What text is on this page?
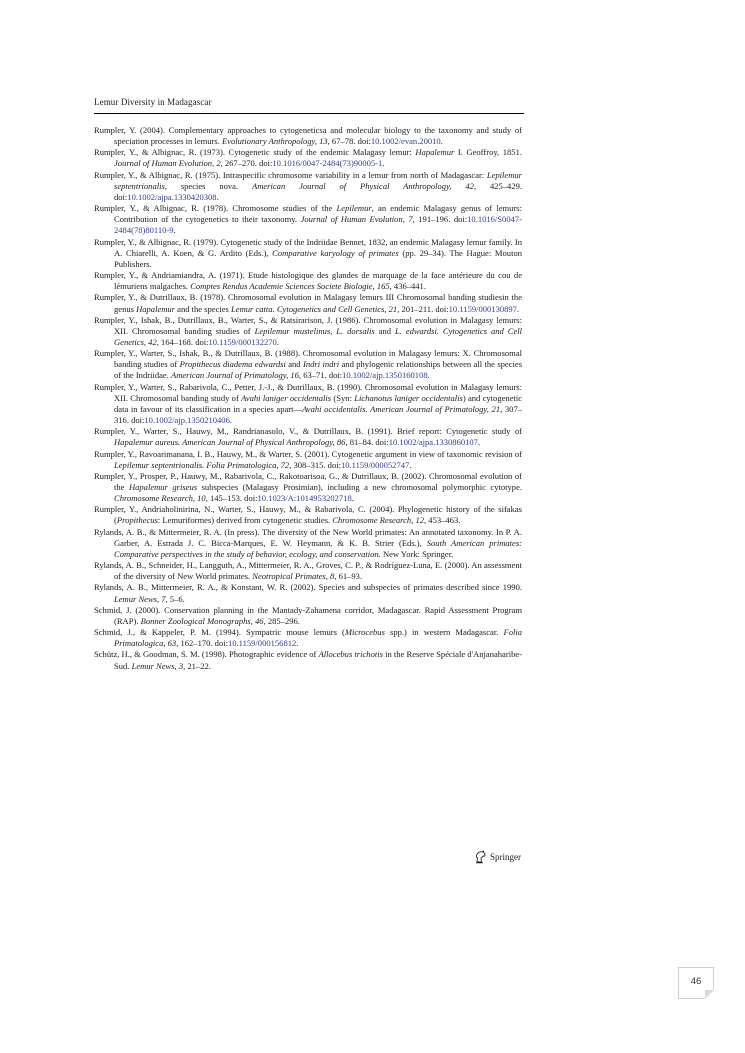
Lemur Diversity in Madagascar

Rumpler, Y. (2004). Complementary approaches to cytogeneticsa and molecular biology to the taxonomy and study of speciation processes in lemurs. Evolutionary Anthropology, 13, 67–78. doi:10.1002/evan.20010.

Rumpler, Y., & Albignac, R. (1973). Cytogenetic study of the endemic Malagasy lemur: Hapalemur I. Geoffroy, 1851. Journal of Human Evolution, 2, 267–270. doi:10.1016/0047-2484(73)90005-1.

Rumpler, Y., & Albignac, R. (1975). Intraspecific chromosome variability in a lemur from north of Madagascar: Lepilemur septentrionalis, species nova. American Journal of Physical Anthropology, 42, 425–429. doi:10.1002/ajpa.1330420308.

Rumpler, Y., & Albignac, R. (1978). Chromosome studies of the Lepilemur, an endemic Malagasy genus of lemurs: Contribution of the cytogenetics to their taxonomy. Journal of Human Evolution, 7, 191–196. doi:10.1016/S0047-2484(78)80110-9.

Rumpler, Y., & Albignac, R. (1979). Cytogenetic study of the Indriidae Bennet, 1832, an endemic Malagasy lemur family. In A. Chiarelli, A. Koen, & G. Ardito (Eds.), Comparative karyology of primates (pp. 29–34). The Hague: Mouton Publishers.

Rumpler, Y., & Andriamiandra, A. (1971). Etude histologique des glandes de marquage de la face antérieure du cou de lémuriens malgaches. Comptes Rendus Academie Sciences Societe Biologie, 165, 436–441.

Rumpler, Y., & Dutrillaux, B. (1978). Chromosomal evolution in Malagasy lemurs III Chromosomal banding studiesin the genus Hapalemur and the species Lemur catta. Cytogenetics and Cell Genetics, 21, 201–211. doi:10.1159/000130897.

Rumpler, Y., Ishak, B., Dutrillaux, B., Warter, S., & Ratsirarison, J. (1986). Chromosomal evolution in Malagasy lemurs: XII. Chromosomal banding studies of Lepilemur mustelinus, L. dorsalis and L. edwardsi. Cytogenetics and Cell Genetics, 42, 164–168. doi:10.1159/000132270.

Rumpler, Y., Warter, S., Ishak, B., & Dutrillaux, B. (1988). Chromosomal evolution in Malagasy lemurs: X. Chromosomal banding studies of Propithecus diadema edwardsi and Indri indri and phylogenic relationships between all the species of the Indriidae. American Journal of Primatology, 16, 63–71. doi:10.1002/ajp.1350160108.

Rumpler, Y., Warter, S., Rabarivola, C., Petter, J.-J., & Dutrillaux, B. (1990). Chromosomal evolution in Malagasy lemurs: XII. Chromosomal banding study of Avahi laniger occidentalis (Syn: Lichanotus laniger occidentalis) and cytogenetic data in favour of its classification in a species apart—Avahi occidentalis. American Journal of Primatology, 21, 307–316. doi:10.1002/ajp.1350210406.

Rumpler, Y., Warter, S., Hauwy, M., Randrianasolo, V., & Dutrillaux, B. (1991). Brief report: Cytogenetic study of Hapalemur aureus. American Journal of Physical Anthropology, 86, 81–84. doi:10.1002/ajpa.1330860107.

Rumpler, Y., Ravoarimanana, I. B., Hauwy, M., & Warter, S. (2001). Cytogenetic argument in view of taxonomic revision of Lepilemur septentrionalis. Folia Primatologica, 72, 308–315. doi:10.1159/000052747.

Rumpler, Y., Prosper, P., Hauwy, M., Rabarivola, C., Rakotoarisoa, G., & Dutrillaux, B. (2002). Chromosomal evolution of the Hapalemur griseus subspecies (Malagasy Prosimian), including a new chromosomal polymorphic cytotype. Chromosome Research, 10, 145–153. doi:10.1023/A:1014953202718.

Rumpler, Y., Andriaholinirina, N., Warter, S., Hauwy, M., & Rabarivola, C. (2004). Phylogenetic history of the sifakas (Propithecus: Lemuriformes) derived from cytogenetic studies. Chromosome Research, 12, 453–463.

Rylands, A. B., & Mittermeier, R. A. (In press). The diversity of the New World primates: An annotated taxonomy. In P. A. Garber, A. Estrada J. C. Bicca-Marques, E. W. Heymann, & K. B. Strier (Eds.), South American primates: Comparative perspectives in the study of behavior, ecology, and conservation. New York: Springer.

Rylands, A. B., Schneider, H., Langguth, A., Mittermeier, R. A., Groves, C. P., & Rodríguez-Luna, E. (2000). An assessment of the diversity of New World primates. Neotropical Primates, 8, 61–93.

Rylands, A. B., Mittermeier, R. A., & Konstant, W. R. (2002). Species and subspecies of primates described since 1990. Lemur News, 7, 5–6.

Schmid, J. (2000). Conservation planning in the Mantady-Zahamena corridor, Madagascar. Rapid Assessment Program (RAP). Bonner Zoological Monographs, 46, 285–296.

Schmid, J., & Kappeler, P. M. (1994). Sympatric mouse lemurs (Microcebus spp.) in western Madagascar. Folia Primatologica, 63, 162–170. doi:10.1159/000156812.

Schütz, H., & Goodman, S. M. (1998). Photographic evidence of Allocebus trichotis in the Reserve Spéciale d'Anjanaharibe-Sud. Lemur News, 3, 21–22.

Springer
46
